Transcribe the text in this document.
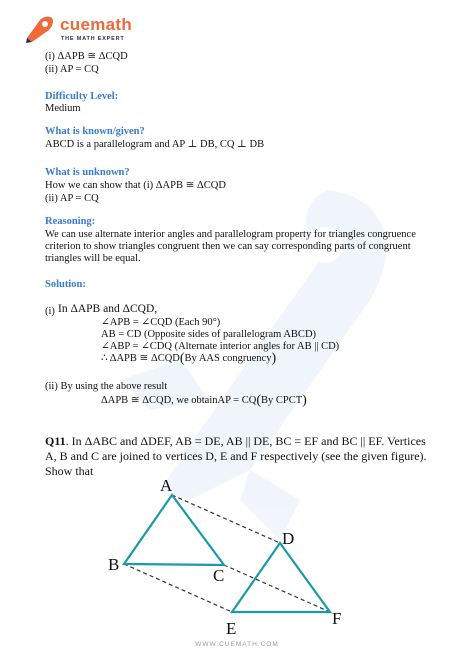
cuemath
THE MATH EXPERT
(i) ΔAPB ≅ ΔCQD
(ii) AP = CQ
Difficulty Level:
Medium
What is known/given?
ABCD is a parallelogram and AP ⊥ DB, CQ ⊥ DB
What is unknown?
How we can show that (i) ΔAPB ≅ ΔCQD
(ii) AP = CQ
Reasoning:
We can use alternate interior angles and parallelogram property for triangles congruence criterion to show triangles congruent then we can say corresponding parts of congruent triangles will be equal.
Solution:
(i) In ΔAPB and ΔCQD,
∠APB = ∠CQD (Each 90°)
AB = CD (Opposite sides of parallelogram ABCD)
∠ABP = ∠CDQ (Alternate interior angles for AB || CD)
∴ ΔAPB ≅ ΔCQD(By AAS congruency)
(ii) By using the above result
ΔAPB ≅ ΔCQD, we obtainAP = CQ(By CPCT)
Q11. In ΔABC and ΔDEF, AB = DE, AB || DE, BC = EF and BC || EF. Vertices A, B and C are joined to vertices D, E and F respectively (see the given figure). Show that
A
B
C
D
E
F
WWW.CUEMATH.COM
